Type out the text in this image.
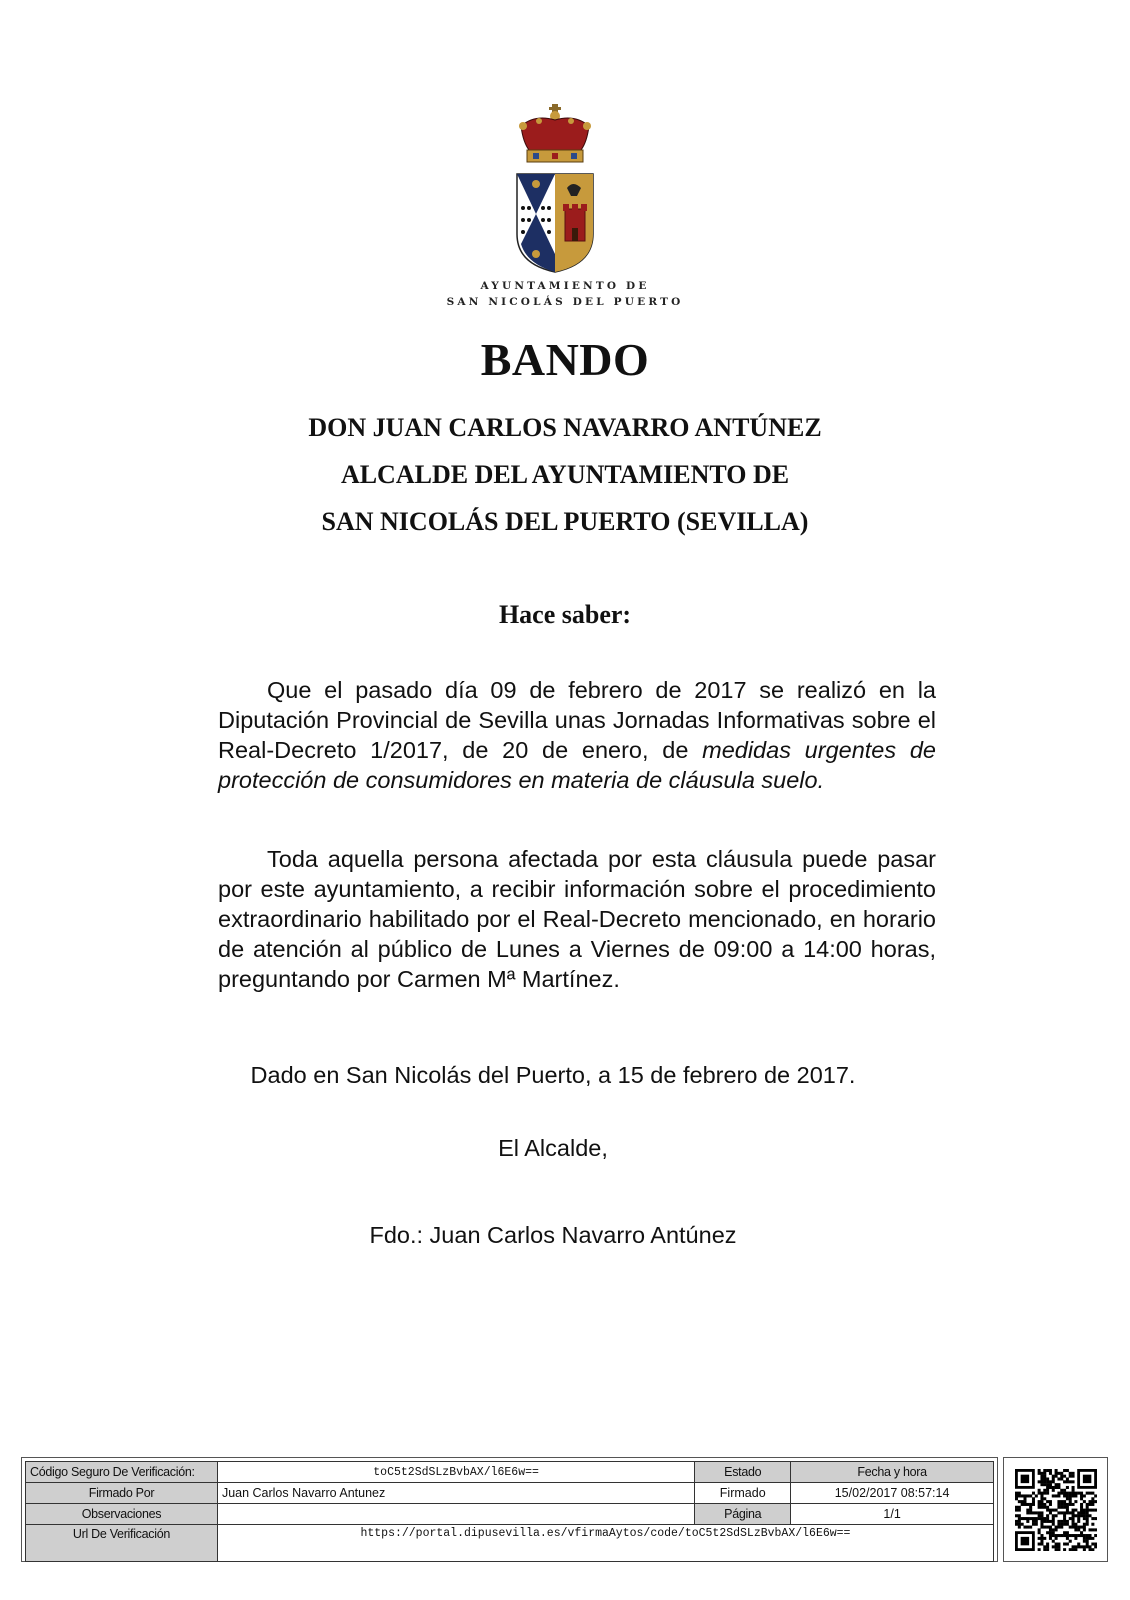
AYUNTAMIENTO DE
SAN NICOLÁS DEL PUERTO
BANDO
DON JUAN CARLOS NAVARRO ANTÚNEZ
ALCALDE DEL AYUNTAMIENTO DE
SAN NICOLÁS DEL PUERTO (SEVILLA)
Hace saber:

Que el pasado día 09 de febrero de 2017 se realizó en la Diputación Provincial de Sevilla unas Jornadas Informativas sobre el Real-Decreto 1/2017, de 20 de enero, de medidas urgentes de protección de consumidores en materia de cláusula suelo.

Toda aquella persona afectada por esta cláusula puede pasar por este ayuntamiento, a recibir información sobre el procedimiento extraordinario habilitado por el Real-Decreto mencionado, en horario de atención al público de Lunes a Viernes de 09:00 a 14:00 horas, preguntando por Carmen Mª Martínez.

Dado en San Nicolás del Puerto, a 15 de febrero de 2017.
El Alcalde,
Fdo.: Juan Carlos Navarro Antúnez
Código Seguro De Verificación:	toC5t2SdSLzBvbAX/l6E6w==	Estado	Fecha y hora
Firmado Por	Juan Carlos Navarro Antunez	Firmado	15/02/2017 08:57:14
Observaciones		Página	1/1
Url De Verificación	https://portal.dipusevilla.es/vfirmaAytos/code/toC5t2SdSLzBvbAX/l6E6w==		
